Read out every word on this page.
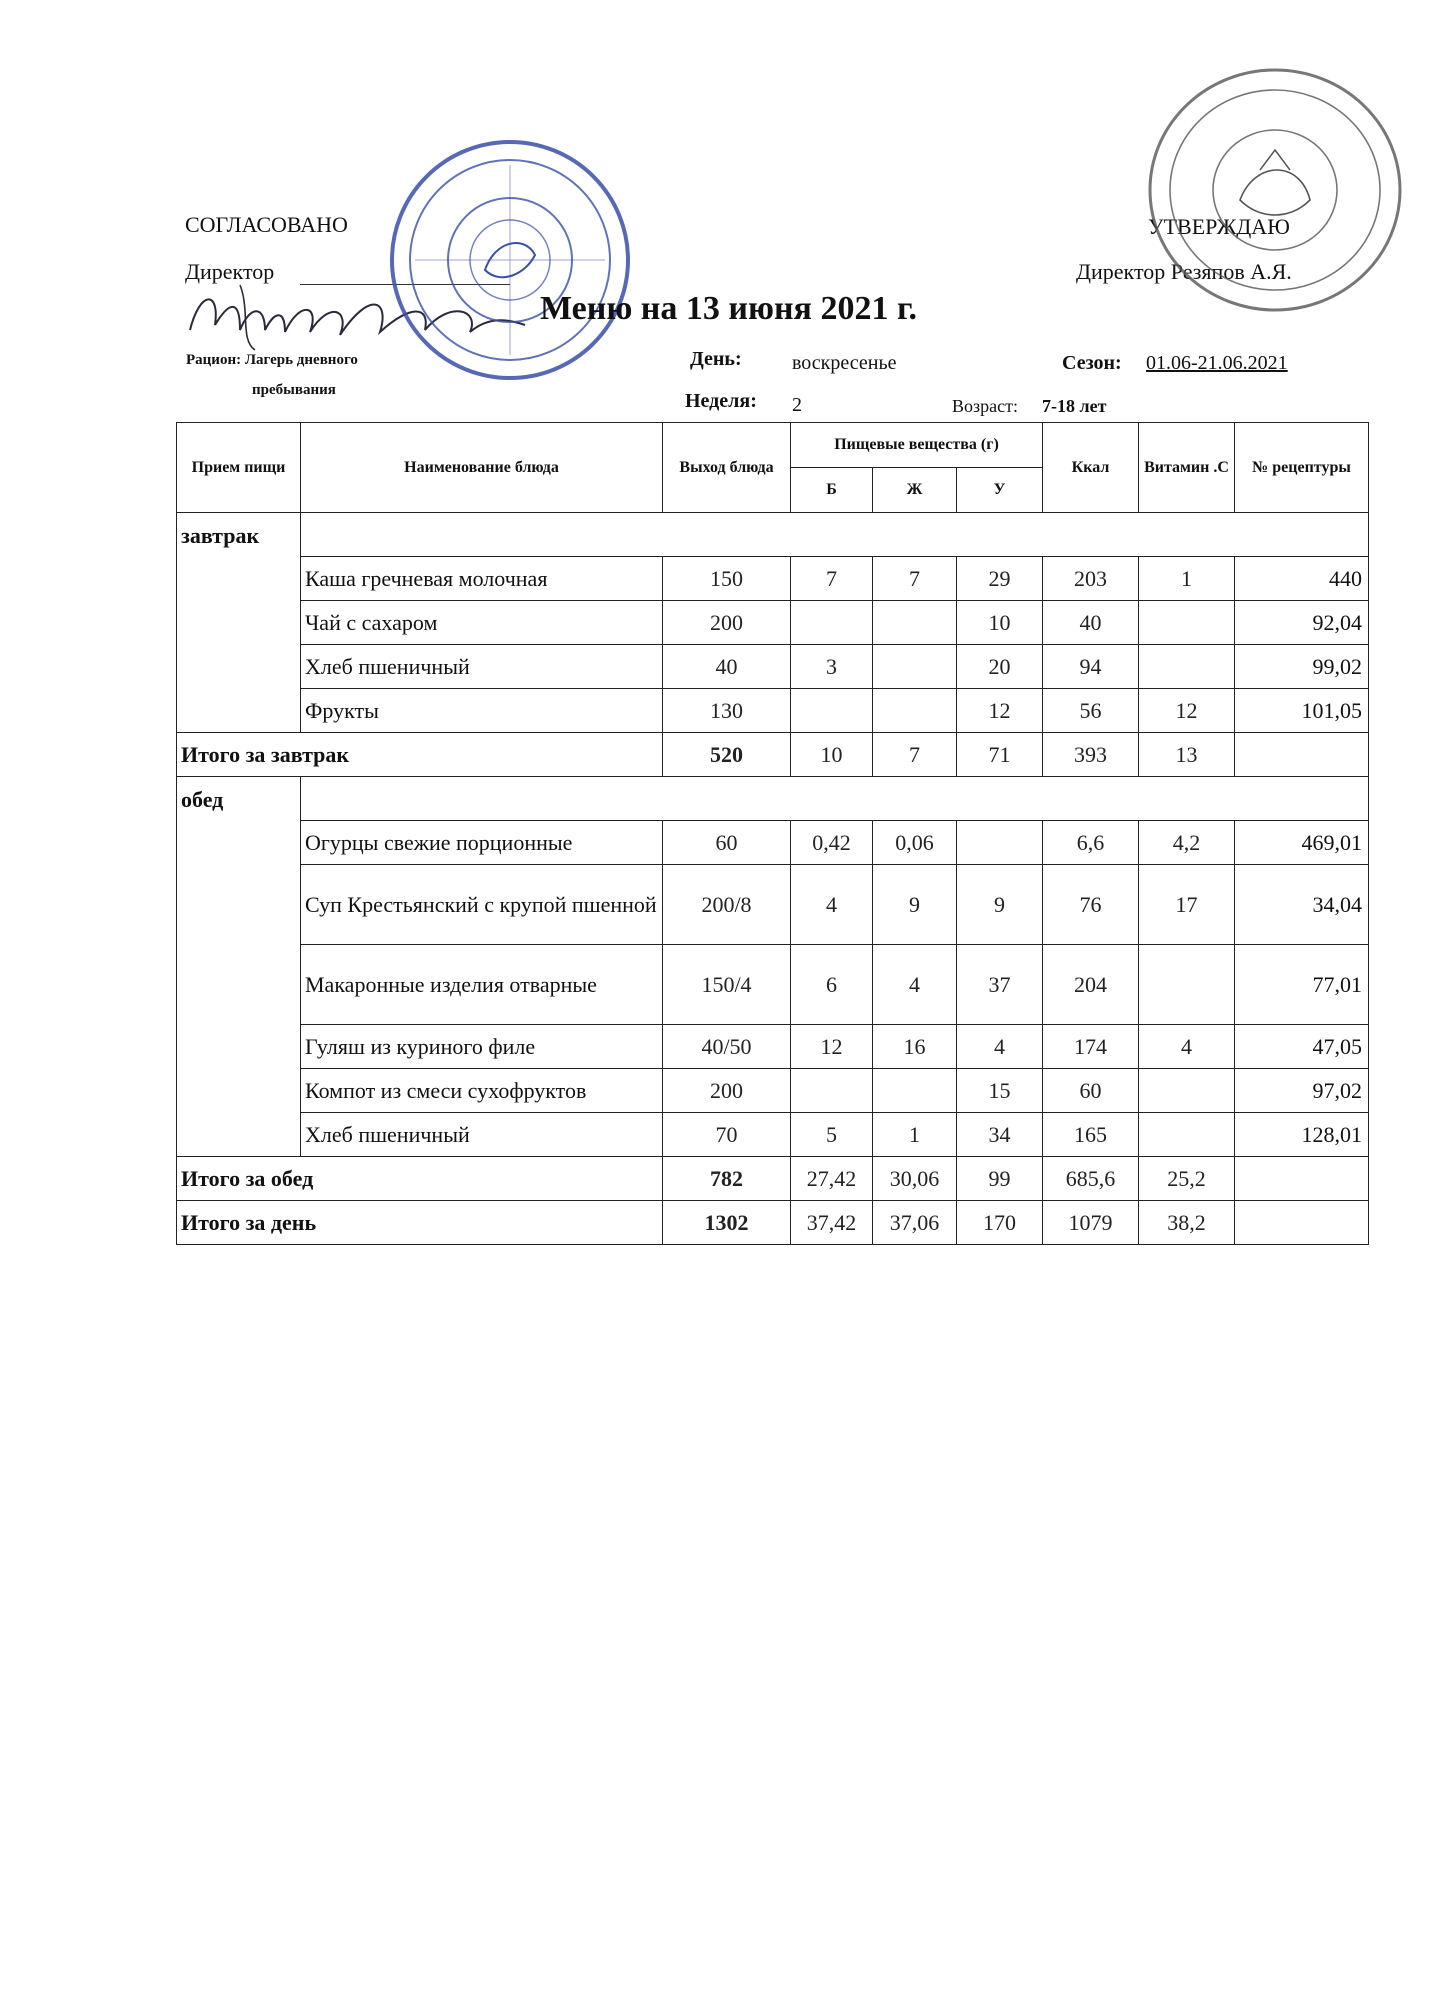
СОГЛАСОВАНО
Директор
УТВЕРЖДАЮ
Директор Резяпов А.Я.
Меню на 13 июня 2021 г.
Рацион: Лагерь дневного
пребывания
День:	воскресенье	Сезон: 01.06-21.06.2021
Неделя: 2	Возраст: 7-18 лет
Прием пищи	Наименование блюда	Выход блюда	Пищевые вещества (г)			Ккал	Витамин .С	№ рецептуры
			Б	Ж	У			
завтрак								
	Каша гречневая молочная	150	7	7	29	203	1	440
	Чай с сахаром	200			10	40		92,04
	Хлеб пшеничный	40	3		20	94		99,02
	Фрукты	130			12	56	12	101,05
Итого за завтрак		520	10	7	71	393	13	
обед								
	Огурцы свежие порционные	60	0,42	0,06		6,6	4,2	469,01
	Суп Крестьянский с крупой пшенной	200/8	4	9	9	76	17	34,04
	Макаронные изделия отварные	150/4	6	4	37	204		77,01
	Гуляш из куриного филе	40/50	12	16	4	174	4	47,05
	Компот из смеси сухофруктов	200			15	60		97,02
	Хлеб пшеничный	70	5	1	34	165		128,01
Итого за обед		782	27,42	30,06	99	685,6	25,2	
Итого за день		1302	37,42	37,06	170	1079	38,2	
